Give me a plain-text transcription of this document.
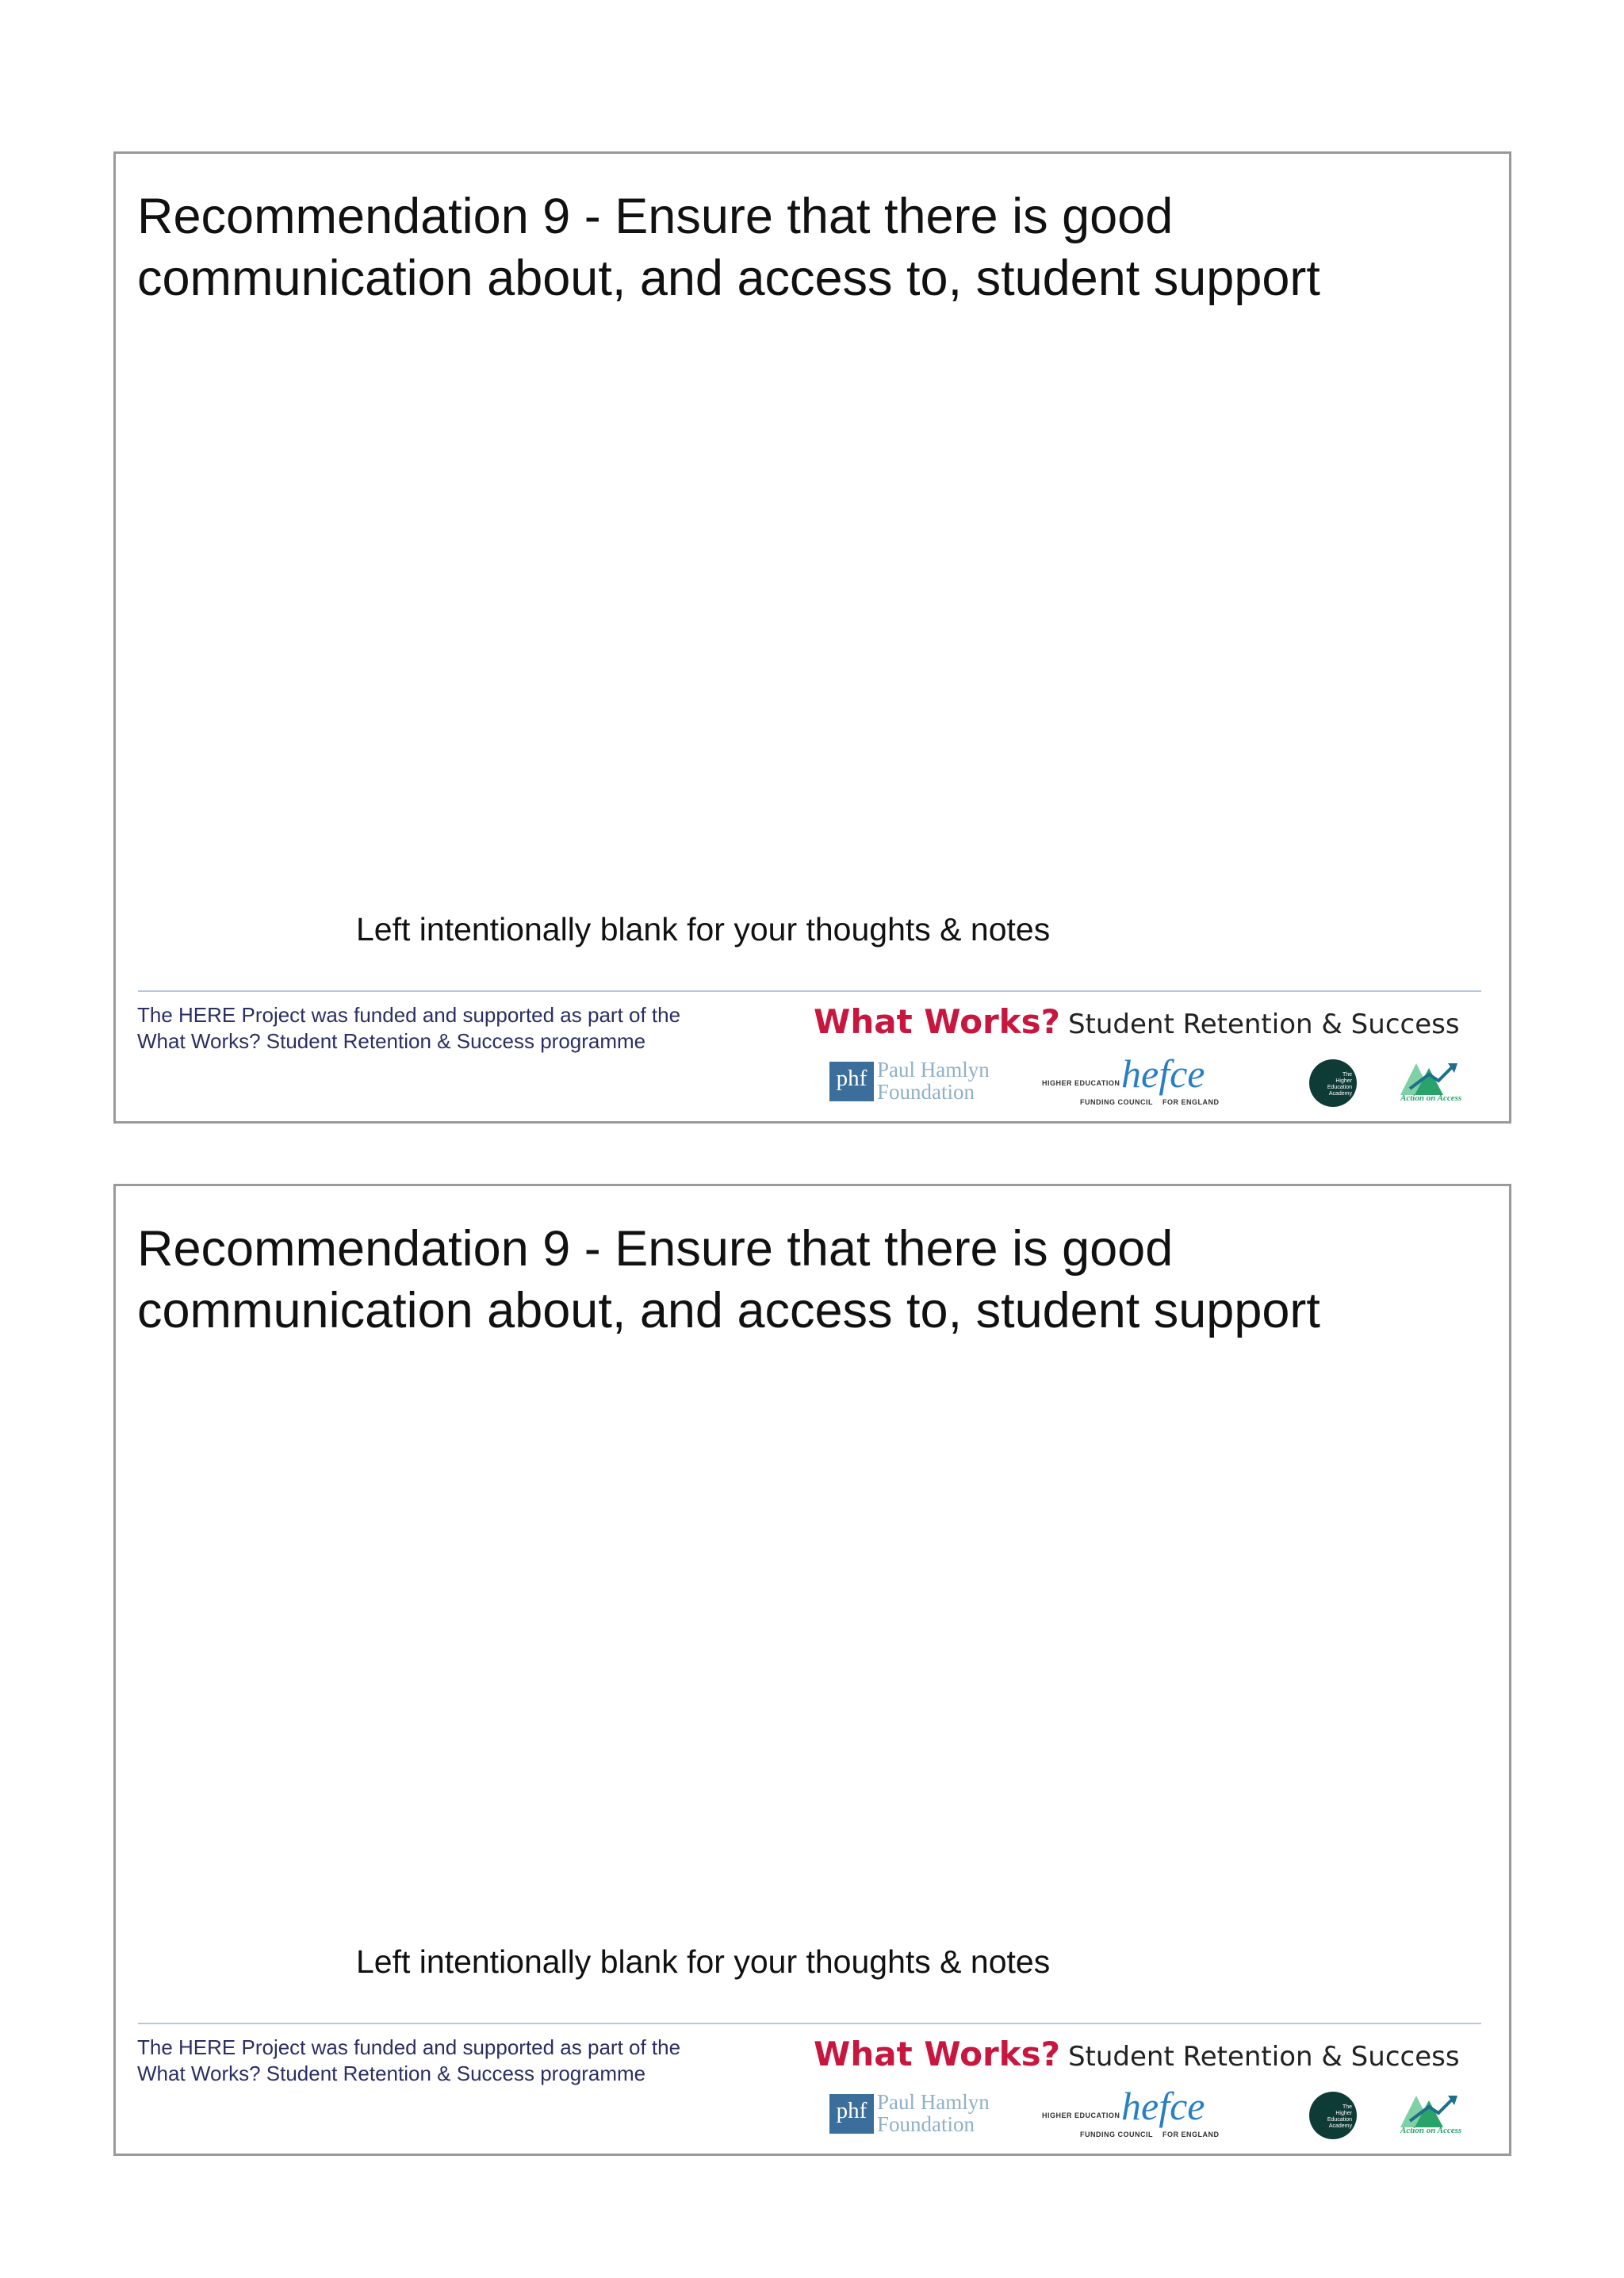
Recommendation 9 - Ensure that there is good
communication about, and access to, student support
Left intentionally blank for your thoughts & notes
The HERE Project was funded and supported as part of the
What Works? Student Retention & Success programme	What Works? Student Retention & Success
phf Paul Hamlyn
Foundation	HIGHER EDUCATION hefce
FUNDING COUNCIL FOR ENGLAND
The
Higher
Education
Academy	Action on Access
Recommendation 9 - Ensure that there is good
communication about, and access to, student support
Left intentionally blank for your thoughts & notes
The HERE Project was funded and supported as part of the
What Works? Student Retention & Success programme	What Works? Student Retention & Success
phf Paul Hamlyn
Foundation	HIGHER EDUCATION hefce
FUNDING COUNCIL FOR ENGLAND
The
Higher
Education
Academy	Action on Access
